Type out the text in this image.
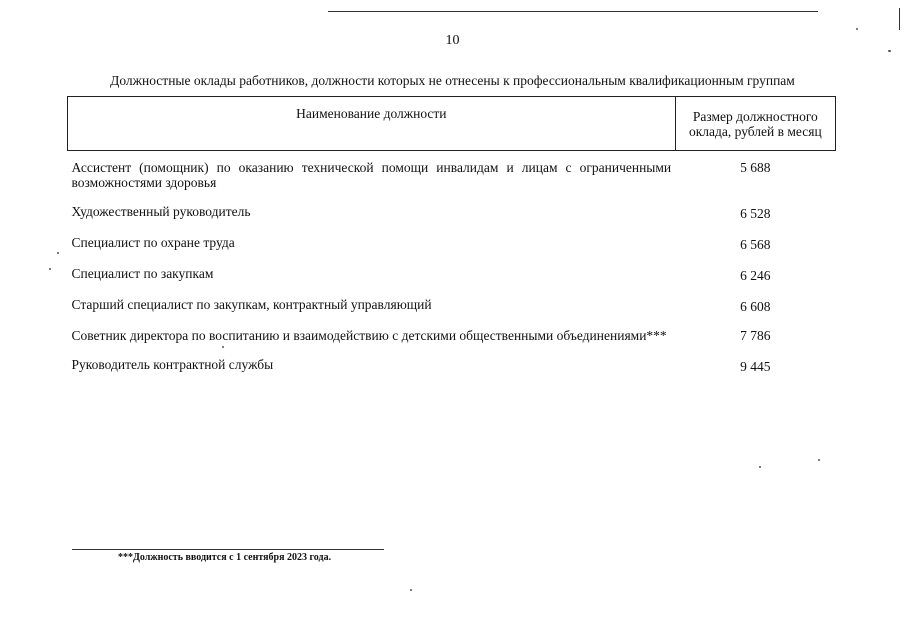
10
Должностные оклады работников, должности которых не отнесены к профессиональным квалификационным группам
Наименование должности	Размер должностного
оклада, рублей в месяц

Ассистент (помощник) по оказанию технической помощи инвалидам и лицам с ограниченными возможностями здоровья	5 688
Художественный руководитель	6 528
Специалист по охране труда	6 568
Специалист по закупкам	6 246
Старший специалист по закупкам, контрактный управляющий	6 608
Советник директора по воспитанию и взаимодействию с детскими общественными объединениями***	7 786
Руководитель контрактной службы	9 445
***Должность вводится с 1 сентября 2023 года.
